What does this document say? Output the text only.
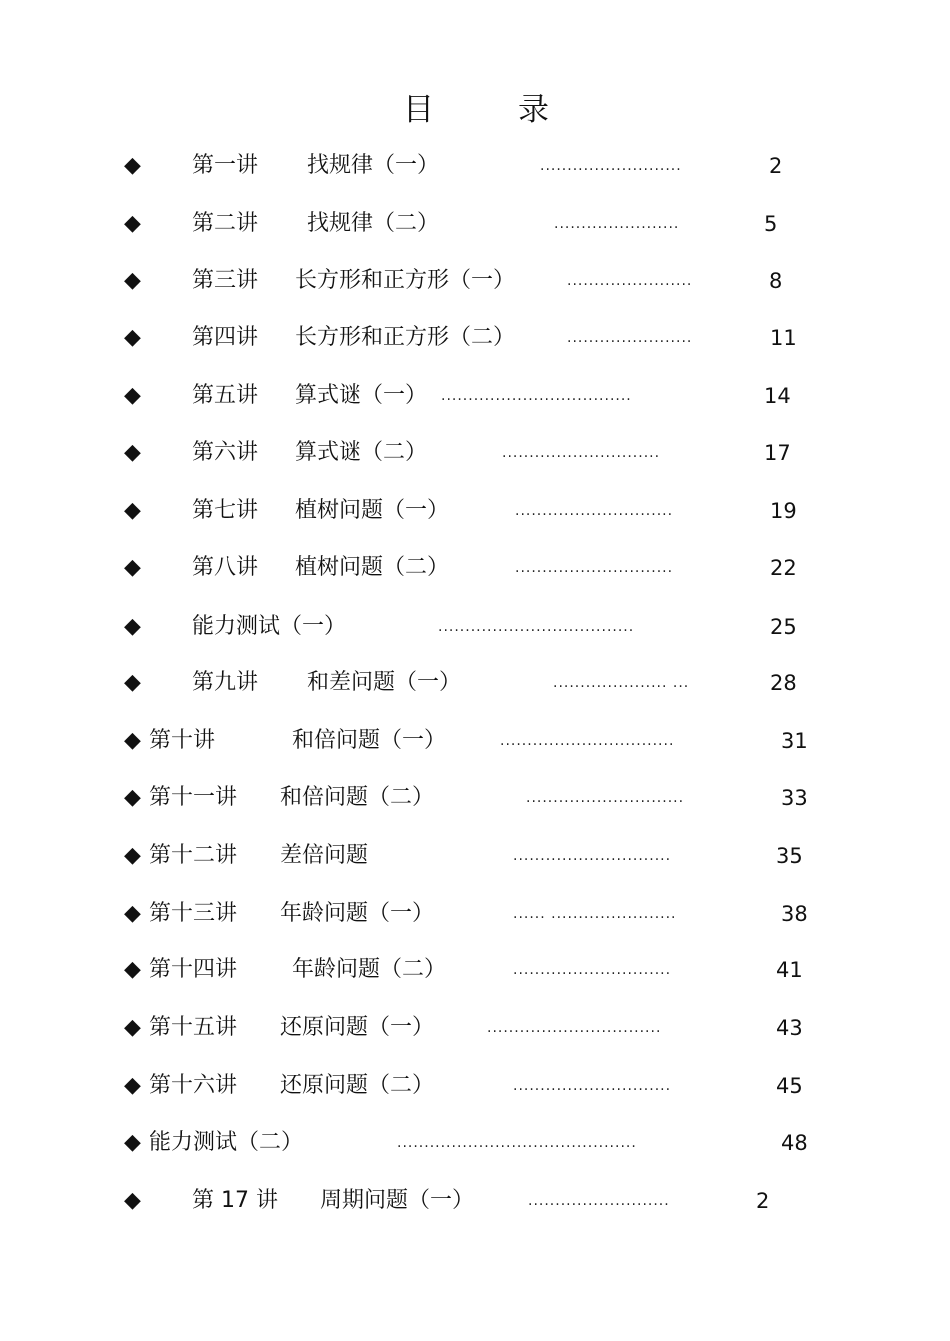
目	录
◆ 第一讲 找规律（一）	..........................	2
◆ 第二讲 找规律（二）	.......................	5
◆ 第三讲 长方形和正方形（一）	.......................	8
◆ 第四讲 长方形和正方形（二）	.......................	11
◆ 第五讲 算式谜（一） ...................................	14
◆ 第六讲 算式谜（二）	.............................	17
◆ 第七讲 植树问题（一）	.............................	19
◆ 第八讲 植树问题（二）	.............................	22
◆ 能力测试（一）	....................................	25
◆ 第九讲 和差问题（一）	..................... ...	28
◆ 第十讲	和倍问题（一）	................................	31
◆ 第十一讲 和倍问题（二）	.............................	33
◆ 第十二讲 差倍问题	.............................	35
◆ 第十三讲 年龄问题（一）	...... .......................	38
◆ 第十四讲 年龄问题（二）	.............................	41
◆ 第十五讲 还原问题（一）	................................	43
◆ 第十六讲 还原问题（二）	.............................	45
◆ 能力测试（二）	............................................	48
◆ 第 17 讲 周期问题（一）	..........................	2
